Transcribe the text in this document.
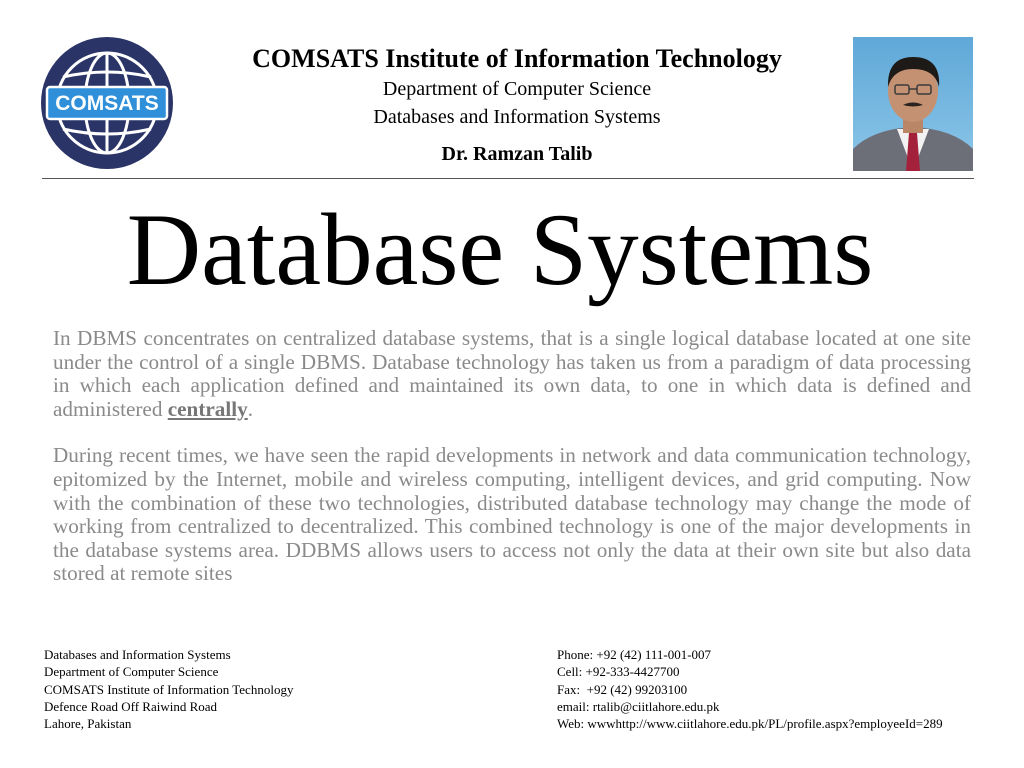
COMSATS
COMSATS Institute of Information Technology
Department of Computer Science
Databases and Information Systems
Dr. Ramzan Talib
Database Systems

In DBMS concentrates on centralized database systems, that is a single logical database located at one site under the control of a single DBMS. Database technology has taken us from a paradigm of data processing in which each application defined and maintained its own data, to one in which data is defined and administered centrally.

During recent times, we have seen the rapid developments in network and data communication technology, epitomized by the Internet, mobile and wireless computing, intelligent devices, and grid computing. Now with the combination of these two technologies, distributed database technology may change the mode of working from centralized to decentralized. This combined technology is one of the major developments in the database systems area. DDBMS allows users to access not only the data at their own site but also data stored at remote sites

Databases and Information Systems
Department of Computer Science
COMSATS Institute of Information Technology
Defence Road Off Raiwind Road
Lahore, Pakistan
Phone: +92 (42) 111-001-007
Cell: +92-333-4427700
Fax:  +92 (42) 99203100
email: rtalib@ciitlahore.edu.pk
Web: wwwhttp://www.ciitlahore.edu.pk/PL/profile.aspx?employeeId=289
